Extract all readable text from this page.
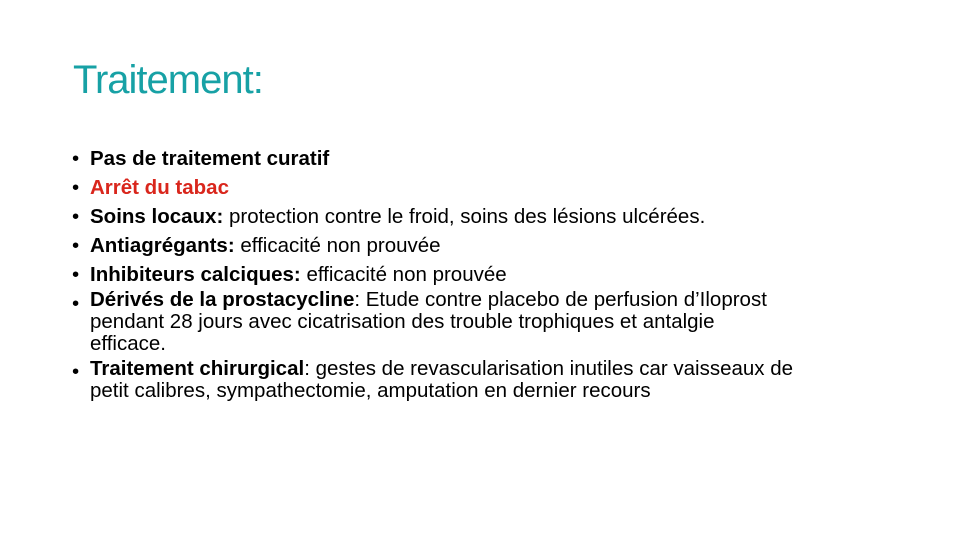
Traitement:
• Pas de traitement curatif
• Arrêt du tabac
• Soins locaux: protection contre le froid, soins des lésions ulcérées.
• Antiagrégants: efficacité non prouvée
• Inhibiteurs calciques: efficacité non prouvée
• Dérivés de la prostacycline: Etude contre placebo de perfusion d’Iloprost
pendant 28 jours avec cicatrisation des trouble trophiques et antalgie
efficace.
• Traitement chirurgical: gestes de revascularisation inutiles car vaisseaux de
petit calibres, sympathectomie, amputation en dernier recours
